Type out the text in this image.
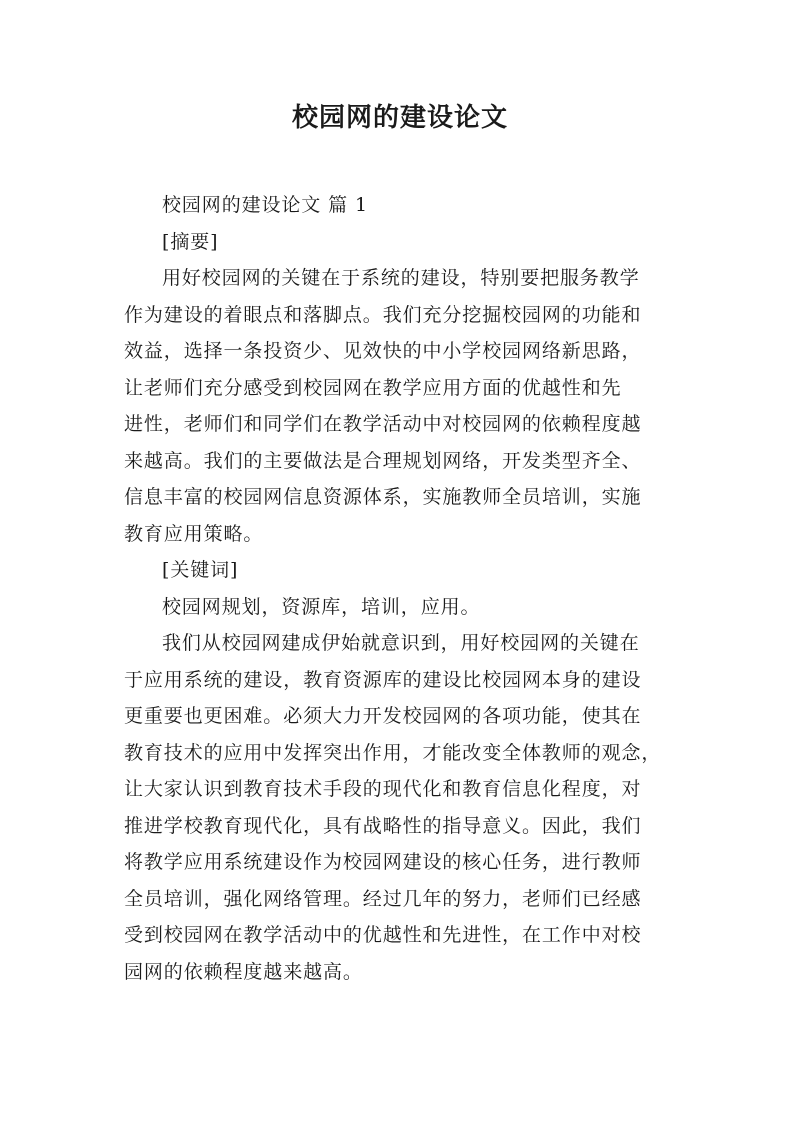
校园网的建设论文

校园网的建设论文 篇 1

[摘要]

用好校园网的关键在于系统的建设，特别要把服务教学

作为建设的着眼点和落脚点。我们充分挖掘校园网的功能和

效益，选择一条投资少、见效快的中小学校园网络新思路，

让老师们充分感受到校园网在教学应用方面的优越性和先

进性，老师们和同学们在教学活动中对校园网的依赖程度越

来越高。我们的主要做法是合理规划网络，开发类型齐全、

信息丰富的校园网信息资源体系，实施教师全员培训，实施

教育应用策略。

[关键词]

校园网规划，资源库，培训，应用。

我们从校园网建成伊始就意识到，用好校园网的关键在

于应用系统的建设，教育资源库的建设比校园网本身的建设

更重要也更困难。必须大力开发校园网的各项功能，使其在

教育技术的应用中发挥突出作用，才能改变全体教师的观念，

让大家认识到教育技术手段的现代化和教育信息化程度，对

推进学校教育现代化，具有战略性的指导意义。因此，我们

将教学应用系统建设作为校园网建设的核心任务，进行教师

全员培训，强化网络管理。经过几年的努力，老师们已经感

受到校园网在教学活动中的优越性和先进性，在工作中对校

园网的依赖程度越来越高。
